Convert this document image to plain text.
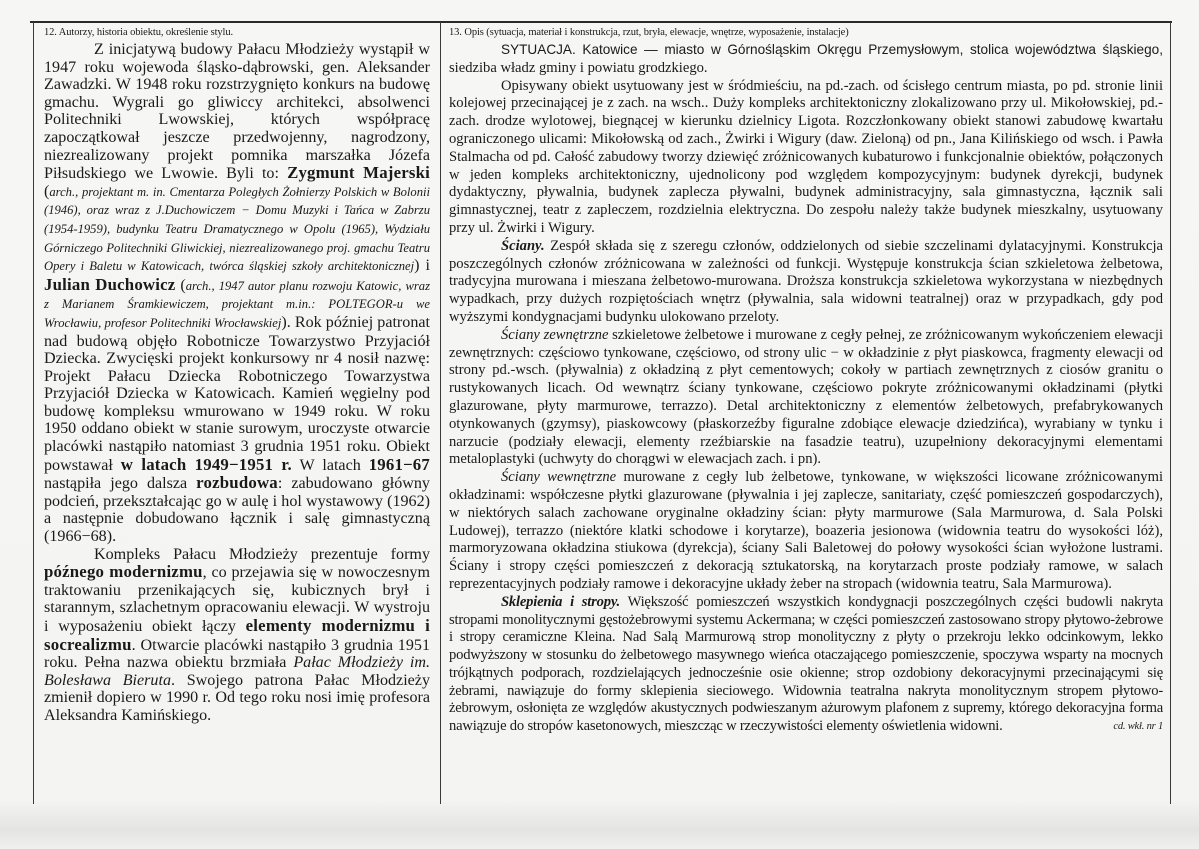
12. Autorzy, historia obiektu, określenie stylu.

Z inicjatywą budowy Pałacu Młodzieży wystąpił w 1947 roku wojewoda śląsko-dąbrowski, gen. Aleksander Zawadzki. W 1948 roku rozstrzygnięto konkurs na budowę gmachu. Wygrali go gliwiccy architekci, absolwenci Politechniki Lwowskiej, których współpracę zapoczątkował jeszcze przedwojenny, nagrodzony, niezrealizowany projekt pomnika marszałka Józefa Piłsudskiego we Lwowie. Byli to: Zygmunt Majerski (arch., projektant m. in. Cmentarza Poległych Żołnierzy Polskich w Bolonii (1946), oraz wraz z J.Duchowiczem − Domu Muzyki i Tańca w Zabrzu (1954-1959), budynku Teatru Dramatycznego w Opolu (1965), Wydziału Górniczego Politechniki Gliwickiej, niezrealizowanego proj. gmachu Teatru Opery i Baletu w Katowicach, twórca śląskiej szkoły architektonicznej) i Julian Duchowicz (arch., 1947 autor planu rozwoju Katowic, wraz z Marianem Śramkiewiczem, projektant m.in.: POLTEGOR-u we Wrocławiu, profesor Politechniki Wrocławskiej). Rok później patronat nad budową objęło Robotnicze Towarzystwo Przyjaciół Dziecka. Zwycięski projekt konkursowy nr 4 nosił nazwę: Projekt Pałacu Dziecka Robotniczego Towarzystwa Przyjaciół Dziecka w Katowicach. Kamień węgielny pod budowę kompleksu wmurowano w 1949 roku. W roku 1950 oddano obiekt w stanie surowym, uroczyste otwarcie placówki nastąpiło natomiast 3 grudnia 1951 roku. Obiekt powstawał w latach 1949−1951 r. W latach 1961−67 nastąpiła jego dalsza rozbudowa: zabudowano główny podcień, przekształcając go w aulę i hol wystawowy (1962) a następnie dobudowano łącznik i salę gimnastyczną (1966−68).

Kompleks Pałacu Młodzieży prezentuje formy późnego modernizmu, co przejawia się w nowoczesnym traktowaniu przenikających się, kubicznych brył i starannym, szlachetnym opracowaniu elewacji. W wystroju i wyposażeniu obiekt łączy elementy modernizmu i socrealizmu. Otwarcie placówki nastąpiło 3 grudnia 1951 roku. Pełna nazwa obiektu brzmiała Pałac Młodzieży im. Bolesława Bieruta. Swojego patrona Pałac Młodzieży zmienił dopiero w 1990 r. Od tego roku nosi imię profesora Aleksandra Kamińskiego.

13. Opis (sytuacja, materiał i konstrukcja, rzut, bryła, elewacje, wnętrze, wyposażenie, instalacje)

SYTUACJA. Katowice — miasto w Górnośląskim Okręgu Przemysłowym, stolica województwa śląskiego, siedziba władz gminy i powiatu grodzkiego.

Opisywany obiekt usytuowany jest w śródmieściu, na pd.-zach. od ścisłego centrum miasta, po pd. stronie linii kolejowej przecinającej je z zach. na wsch.. Duży kompleks architektoniczny zlokalizowano przy ul. Mikołowskiej, pd.-zach. drodze wylotowej, biegnącej w kierunku dzielnicy Ligota. Rozczłonkowany obiekt stanowi zabudowę kwartału ograniczonego ulicami: Mikołowską od zach., Żwirki i Wigury (daw. Zieloną) od pn., Jana Kilińskiego od wsch. i Pawła Stalmacha od pd. Całość zabudowy tworzy dziewięć zróżnicowanych kubaturowo i funkcjonalnie obiektów, połączonych w jeden kompleks architektoniczny, ujednolicony pod względem kompozycyjnym: budynek dyrekcji, budynek dydaktyczny, pływalnia, budynek zaplecza pływalni, budynek administracyjny, sala gimnastyczna, łącznik sali gimnastycznej, teatr z zapleczem, rozdzielnia elektryczna. Do zespołu należy także budynek mieszkalny, usytuowany przy ul. Żwirki i Wigury.

Ściany. Zespół składa się z szeregu członów, oddzielonych od siebie szczelinami dylatacyjnymi. Konstrukcja poszczególnych członów zróżnicowana w zależności od funkcji. Występuje konstrukcja ścian szkieletowa żelbetowa, tradycyjna murowana i mieszana żelbetowo-murowana. Droższa konstrukcja szkieletowa wykorzystana w niezbędnych wypadkach, przy dużych rozpiętościach wnętrz (pływalnia, sala widowni teatralnej) oraz w przypadkach, gdy pod wyższymi kondygnacjami budynku ulokowano przeloty.

Ściany zewnętrzne szkieletowe żelbetowe i murowane z cegły pełnej, ze zróżnicowanym wykończeniem elewacji zewnętrznych: częściowo tynkowane, częściowo, od strony ulic − w okładzinie z płyt piaskowca, fragmenty elewacji od strony pd.-wsch. (pływalnia) z okładziną z płyt cementowych; cokoły w partiach zewnętrznych z ciosów granitu o rustykowanych licach. Od wewnątrz ściany tynkowane, częściowo pokryte zróżnicowanymi okładzinami (płytki glazurowane, płyty marmurowe, terrazzo). Detal architektoniczny z elementów żelbetowych, prefabrykowanych otynkowanych (gzymsy), piaskowcowy (płaskorzeźby figuralne zdobiące elewacje dziedzińca), wyrabiany w tynku i narzucie (podziały elewacji, elementy rzeźbiarskie na fasadzie teatru), uzupełniony dekoracyjnymi elementami metaloplastyki (uchwyty do chorągwi w elewacjach zach. i pn).

Ściany wewnętrzne murowane z cegły lub żelbetowe, tynkowane, w większości licowane zróżnicowanymi okładzinami: współczesne płytki glazurowane (pływalnia i jej zaplecze, sanitariaty, część pomieszczeń gospodarczych), w niektórych salach zachowane oryginalne okładziny ścian: płyty marmurowe (Sala Marmurowa, d. Sala Polski Ludowej), terrazzo (niektóre klatki schodowe i korytarze), boazeria jesionowa (widownia teatru do wysokości lóż), marmoryzowana okładzina stiukowa (dyrekcja), ściany Sali Baletowej do połowy wysokości ścian wyłożone lustrami. Ściany i stropy części pomieszczeń z dekoracją sztukatorską, na korytarzach proste podziały ramowe, w salach reprezentacyjnych podziały ramowe i dekoracyjne układy żeber na stropach (widownia teatru, Sala Marmurowa).

Sklepienia i stropy. Większość pomieszczeń wszystkich kondygnacji poszczególnych części budowli nakryta stropami monolitycznymi gęstożebrowymi systemu Ackermana; w części pomieszczeń zastosowano stropy płytowo-żebrowe i stropy ceramiczne Kleina. Nad Salą Marmurową strop monolityczny z płyty o przekroju lekko odcinkowym, lekko podwyższony w stosunku do żelbetowego masywnego wieńca otaczającego pomieszczenie, spoczywa wsparty na mocnych trójkątnych podporach, rozdzielających jednocześnie osie okienne; strop ozdobiony dekoracyjnymi przecinającymi się żebrami, nawiązuje do formy sklepienia sieciowego. Widownia teatralna nakryta monolitycznym stropem płytowo-żebrowym, osłonięta ze względów akustycznych podwieszanym ażurowym plafonem z supremy, którego dekoracyjna forma nawiązuje do stropów kasetonowych, mieszcząc w rzeczywistości elementy oświetlenia widowni.	cd. wkł. nr 1
